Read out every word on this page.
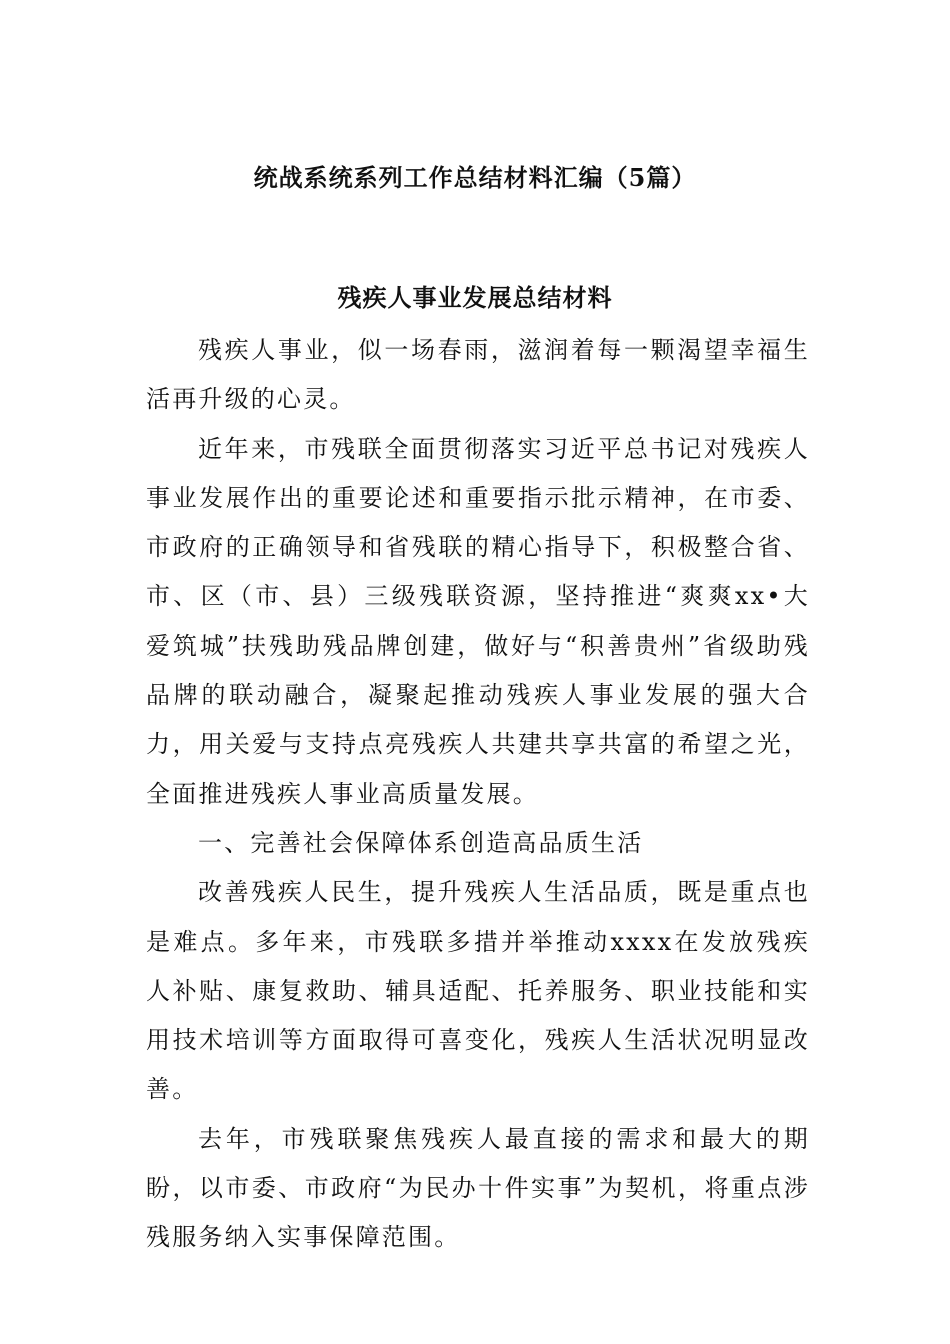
统战系统系列工作总结材料汇编（5篇）
残疾人事业发展总结材料

残疾人事业，似一场春雨，滋润着每一颗渴望幸福生活再升级的心灵。

近年来，市残联全面贯彻落实习近平总书记对残疾人事业发展作出的重要论述和重要指示批示精神，在市委、市政府的正确领导和省残联的精心指导下，积极整合省、市、区（市、县）三级残联资源，坚持推进“爽爽xx•大爱筑城”扶残助残品牌创建，做好与“积善贵州”省级助残品牌的联动融合，凝聚起推动残疾人事业发展的强大合力，用关爱与支持点亮残疾人共建共享共富的希望之光，全面推进残疾人事业高质量发展。

一、完善社会保障体系创造高品质生活

改善残疾人民生，提升残疾人生活品质，既是重点也是难点。多年来，市残联多措并举推动xxxx在发放残疾人补贴、康复救助、辅具适配、托养服务、职业技能和实用技术培训等方面取得可喜变化，残疾人生活状况明显改善。

去年，市残联聚焦残疾人最直接的需求和最大的期盼，以市委、市政府“为民办十件实事”为契机，将重点涉残服务纳入实事保障范围。
